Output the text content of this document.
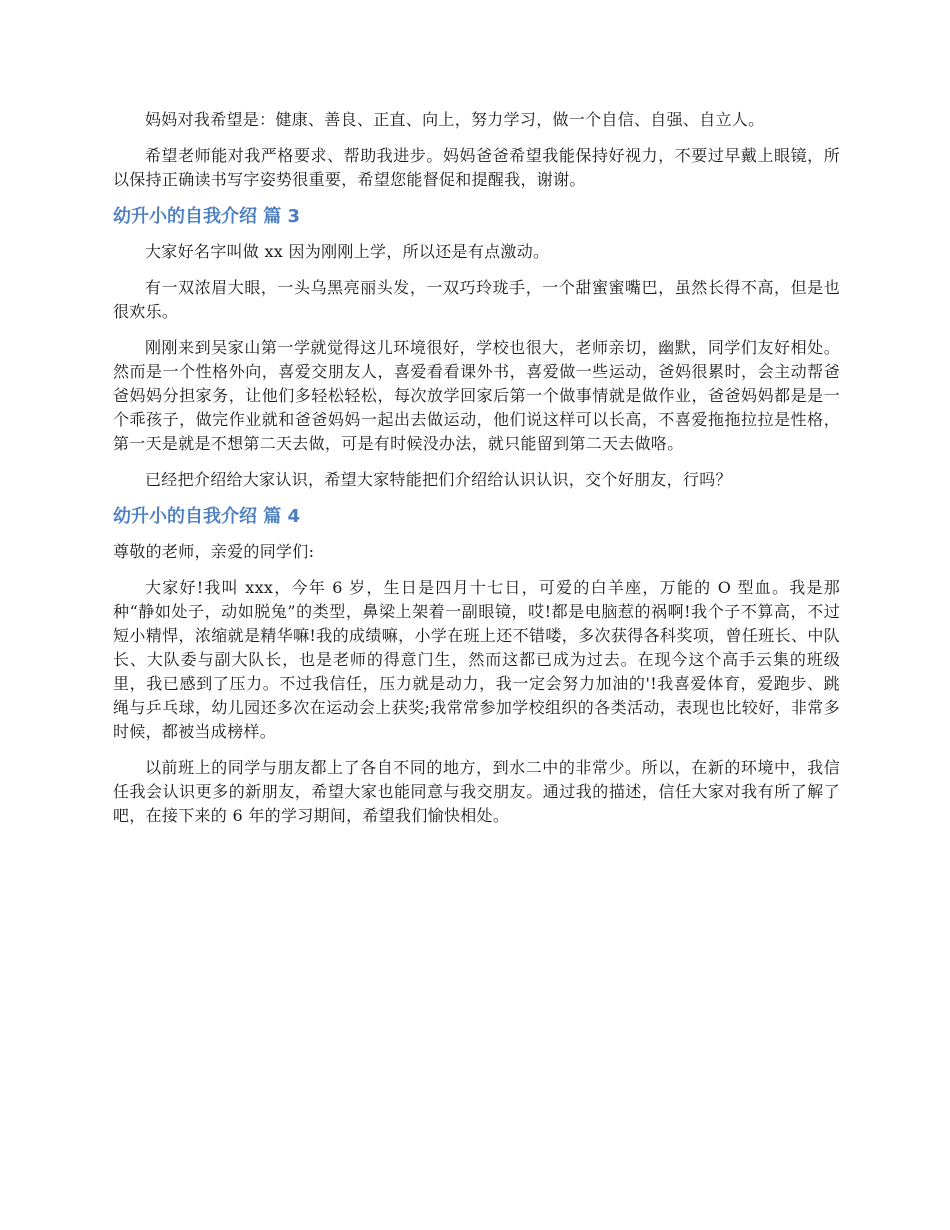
妈妈对我希望是：健康、善良、正直、向上，努力学习，做一个自信、自强、自立人。

希望老师能对我严格要求、帮助我进步。妈妈爸爸希望我能保持好视力，不要过早戴上眼镜，所以保持正确读书写字姿势很重要，希望您能督促和提醒我，谢谢。

幼升小的自我介绍 篇 3

大家好名字叫做 xx 因为刚刚上学，所以还是有点激动。

有一双浓眉大眼，一头乌黑亮丽头发，一双巧玲珑手，一个甜蜜蜜嘴巴，虽然长得不高，但是也很欢乐。

刚刚来到吴家山第一学就觉得这儿环境很好，学校也很大，老师亲切，幽默，同学们友好相处。然而是一个性格外向，喜爱交朋友人，喜爱看看课外书，喜爱做一些运动，爸妈很累时，会主动帮爸爸妈妈分担家务，让他们多轻松轻松，每次放学回家后第一个做事情就是做作业，爸爸妈妈都是是一个乖孩子，做完作业就和爸爸妈妈一起出去做运动，他们说这样可以长高，不喜爱拖拖拉拉是性格，第一天是就是不想第二天去做，可是有时候没办法，就只能留到第二天去做咯。

已经把介绍给大家认识，希望大家特能把们介绍给认识认识，交个好朋友，行吗？

幼升小的自我介绍 篇 4

尊敬的老师，亲爱的同学们:

大家好!我叫 xxx，今年 6 岁，生日是四月十七日，可爱的白羊座，万能的 O 型血。我是那种“静如处子，动如脱兔”的类型，鼻梁上架着一副眼镜，哎!都是电脑惹的祸啊!我个子不算高，不过短小精悍，浓缩就是精华嘛!我的成绩嘛，小学在班上还不错喽，多次获得各科奖项，曾任班长、中队长、大队委与副大队长，也是老师的得意门生，然而这都已成为过去。在现今这个高手云集的班级里，我已感到了压力。不过我信任，压力就是动力，我一定会努力加油的'!我喜爱体育，爱跑步、跳绳与乒乓球，幼儿园还多次在运动会上获奖;我常常参加学校组织的各类活动，表现也比较好，非常多时候，都被当成榜样。

以前班上的同学与朋友都上了各自不同的地方，到水二中的非常少。所以，在新的环境中，我信任我会认识更多的新朋友，希望大家也能同意与我交朋友。通过我的描述，信任大家对我有所了解了吧，在接下来的 6 年的学习期间，希望我们愉快相处。
